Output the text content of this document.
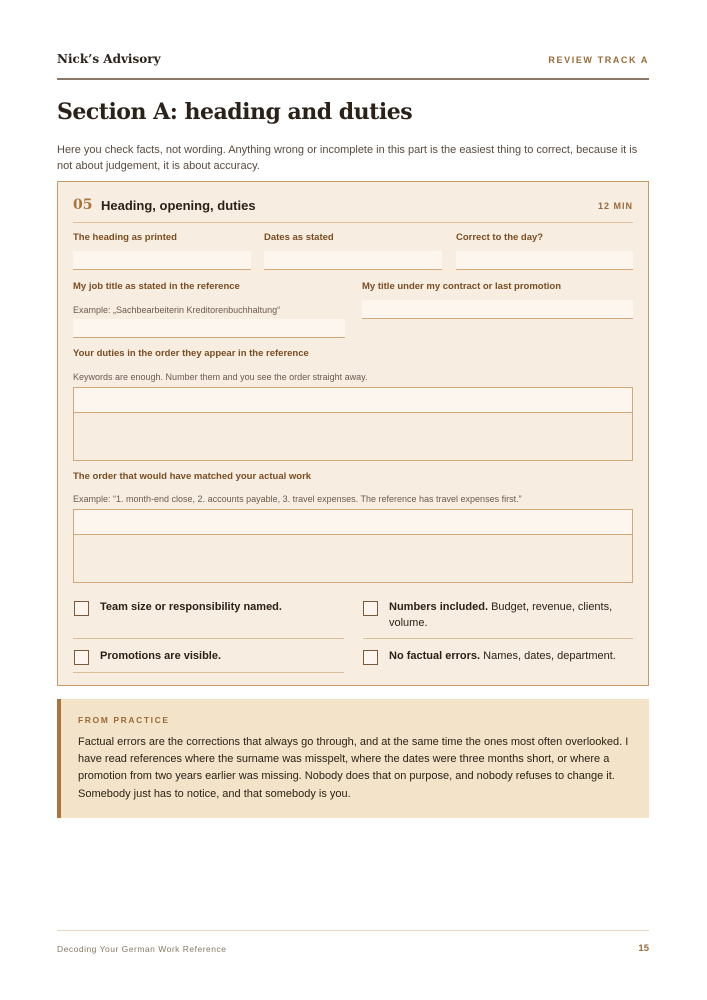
Nick’s Advisory	REVIEW TRACK A
Section A: heading and duties

Here you check facts, not wording. Anything wrong or incomplete in this part is the easiest thing to correct, because it is not about judgement, it is about accuracy.

05 Heading, opening, duties	12 MIN
The heading as printed	Dates as stated	Correct to the day?
My job title as stated in the reference
Example: „Sachbearbeiterin Kreditorenbuchhaltung“
My title under my contract or last promotion
Your duties in the order they appear in the reference
Keywords are enough. Number them and you see the order straight away.
The order that would have matched your actual work
Example: “1. month-end close, 2. accounts payable, 3. travel expenses. The reference has travel expenses first.”
Team size or responsibility named.	Numbers included. Budget, revenue, clients, volume.
Promotions are visible.	No factual errors. Names, dates, department.
FROM PRACTICE

Factual errors are the corrections that always go through, and at the same time the ones most often overlooked. I have read references where the surname was misspelt, where the dates were three months short, or where a promotion from two years earlier was missing. Nobody does that on purpose, and nobody refuses to change it. Somebody just has to notice, and that somebody is you.

Decoding Your German Work Reference	15
